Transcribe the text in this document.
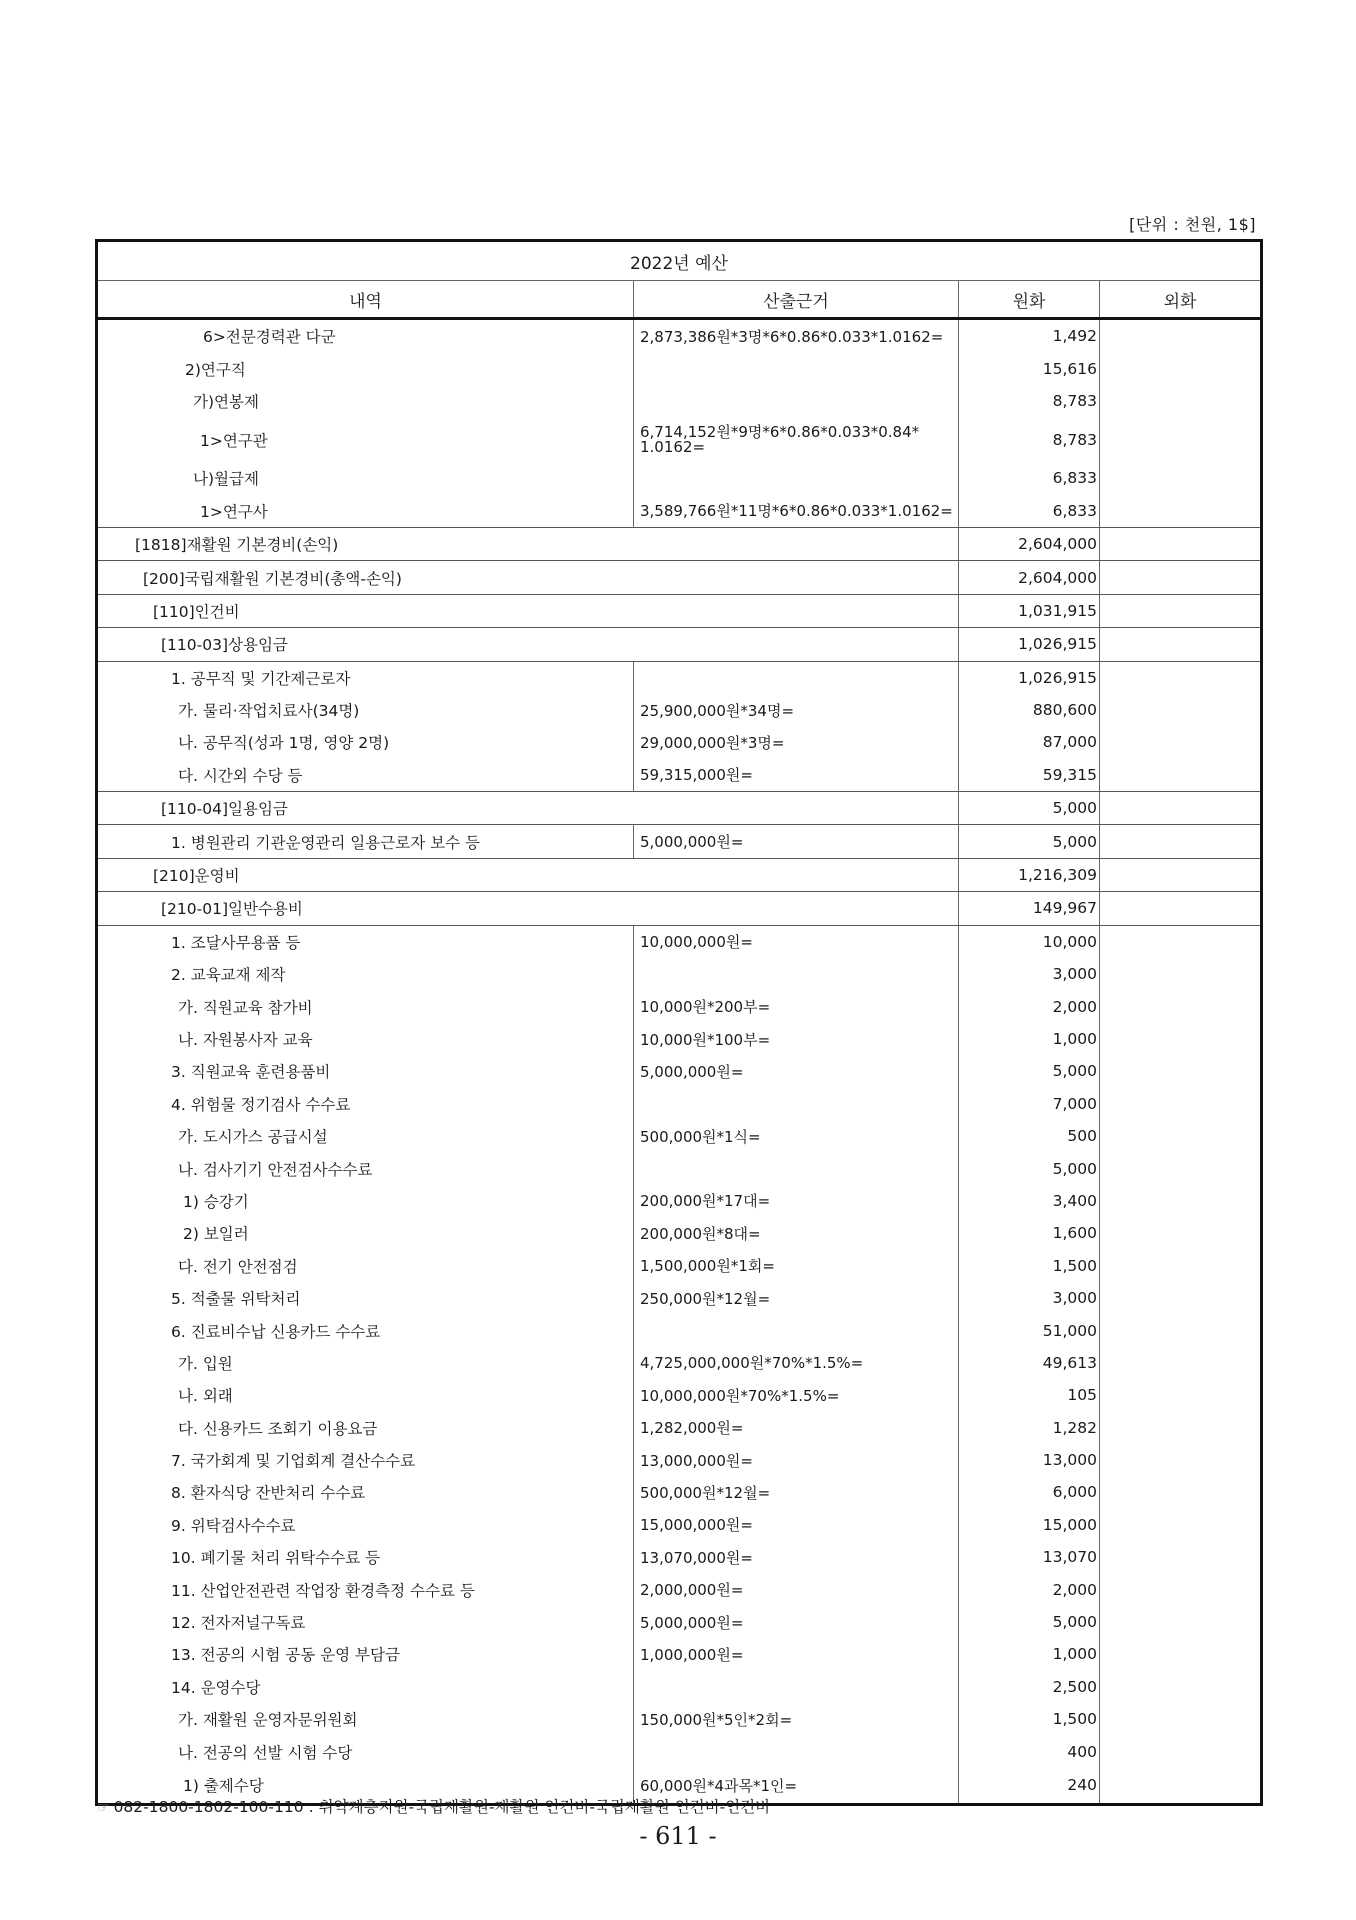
[단위 : 천원, 1$]
2022년 예산			
내역	산출근거	원화	외화
6>전문경력관 다군	2,873,386원*3명*6*0.86*0.033*1.0162=	1,492	
2)연구직		15,616	
가)연봉제		8,783	
1>연구관	6,714,152원*9명*6*0.86*0.033*0.84*
1.0162=	8,783	
나)월급제		6,833	
1>연구사	3,589,766원*11명*6*0.86*0.033*1.0162=	6,833	
[1818]재활원 기본경비(손익)		2,604,000	
[200]국립재활원 기본경비(총액-손익)		2,604,000	
[110]인건비		1,031,915	
[110-03]상용임금		1,026,915	
1. 공무직 및 기간제근로자		1,026,915	
가. 물리·작업치료사(34명)	25,900,000원*34명=	880,600	
나. 공무직(성과 1명, 영양 2명)	29,000,000원*3명=	87,000	
다. 시간외 수당 등	59,315,000원=	59,315	
[110-04]일용임금		5,000	
1. 병원관리 기관운영관리 일용근로자 보수 등	5,000,000원=	5,000	
[210]운영비		1,216,309	
[210-01]일반수용비		149,967	
1. 조달사무용품 등	10,000,000원=	10,000	
2. 교육교재 제작		3,000	
가. 직원교육 참가비	10,000원*200부=	2,000	
나. 자원봉사자 교육	10,000원*100부=	1,000	
3. 직원교육 훈련용품비	5,000,000원=	5,000	
4. 위험물 정기검사 수수료		7,000	
가. 도시가스 공급시설	500,000원*1식=	500	
나. 검사기기 안전검사수수료		5,000	
1) 승강기	200,000원*17대=	3,400	
2) 보일러	200,000원*8대=	1,600	
다. 전기 안전점검	1,500,000원*1회=	1,500	
5. 적출물 위탁처리	250,000원*12월=	3,000	
6. 진료비수납 신용카드 수수료		51,000	
가. 입원	4,725,000,000원*70%*1.5%=	49,613	
나. 외래	10,000,000원*70%*1.5%=	105	
다. 신용카드 조회기 이용요금	1,282,000원=	1,282	
7. 국가회계 및 기업회계 결산수수료	13,000,000원=	13,000	
8. 환자식당 잔반처리 수수료	500,000원*12월=	6,000	
9. 위탁검사수수료	15,000,000원=	15,000	
10. 폐기물 처리 위탁수수료 등	13,070,000원=	13,070	
11. 산업안전관련 작업장 환경측정 수수료 등	2,000,000원=	2,000	
12. 전자저널구독료	5,000,000원=	5,000	
13. 전공의 시험 공동 운영 부담금	1,000,000원=	1,000	
14. 운영수당		2,500	
가. 재활원 운영자문위원회	150,000원*5인*2회=	1,500	
나. 전공의 선발 시험 수당		400	
1) 출제수당	60,000원*4과목*1인=	240	
☞ 082-1800-1802-100-110 : 취약계층지원-국립재활원-재활원 인건비-국립재활원 인건비-인건비
- 611 -
